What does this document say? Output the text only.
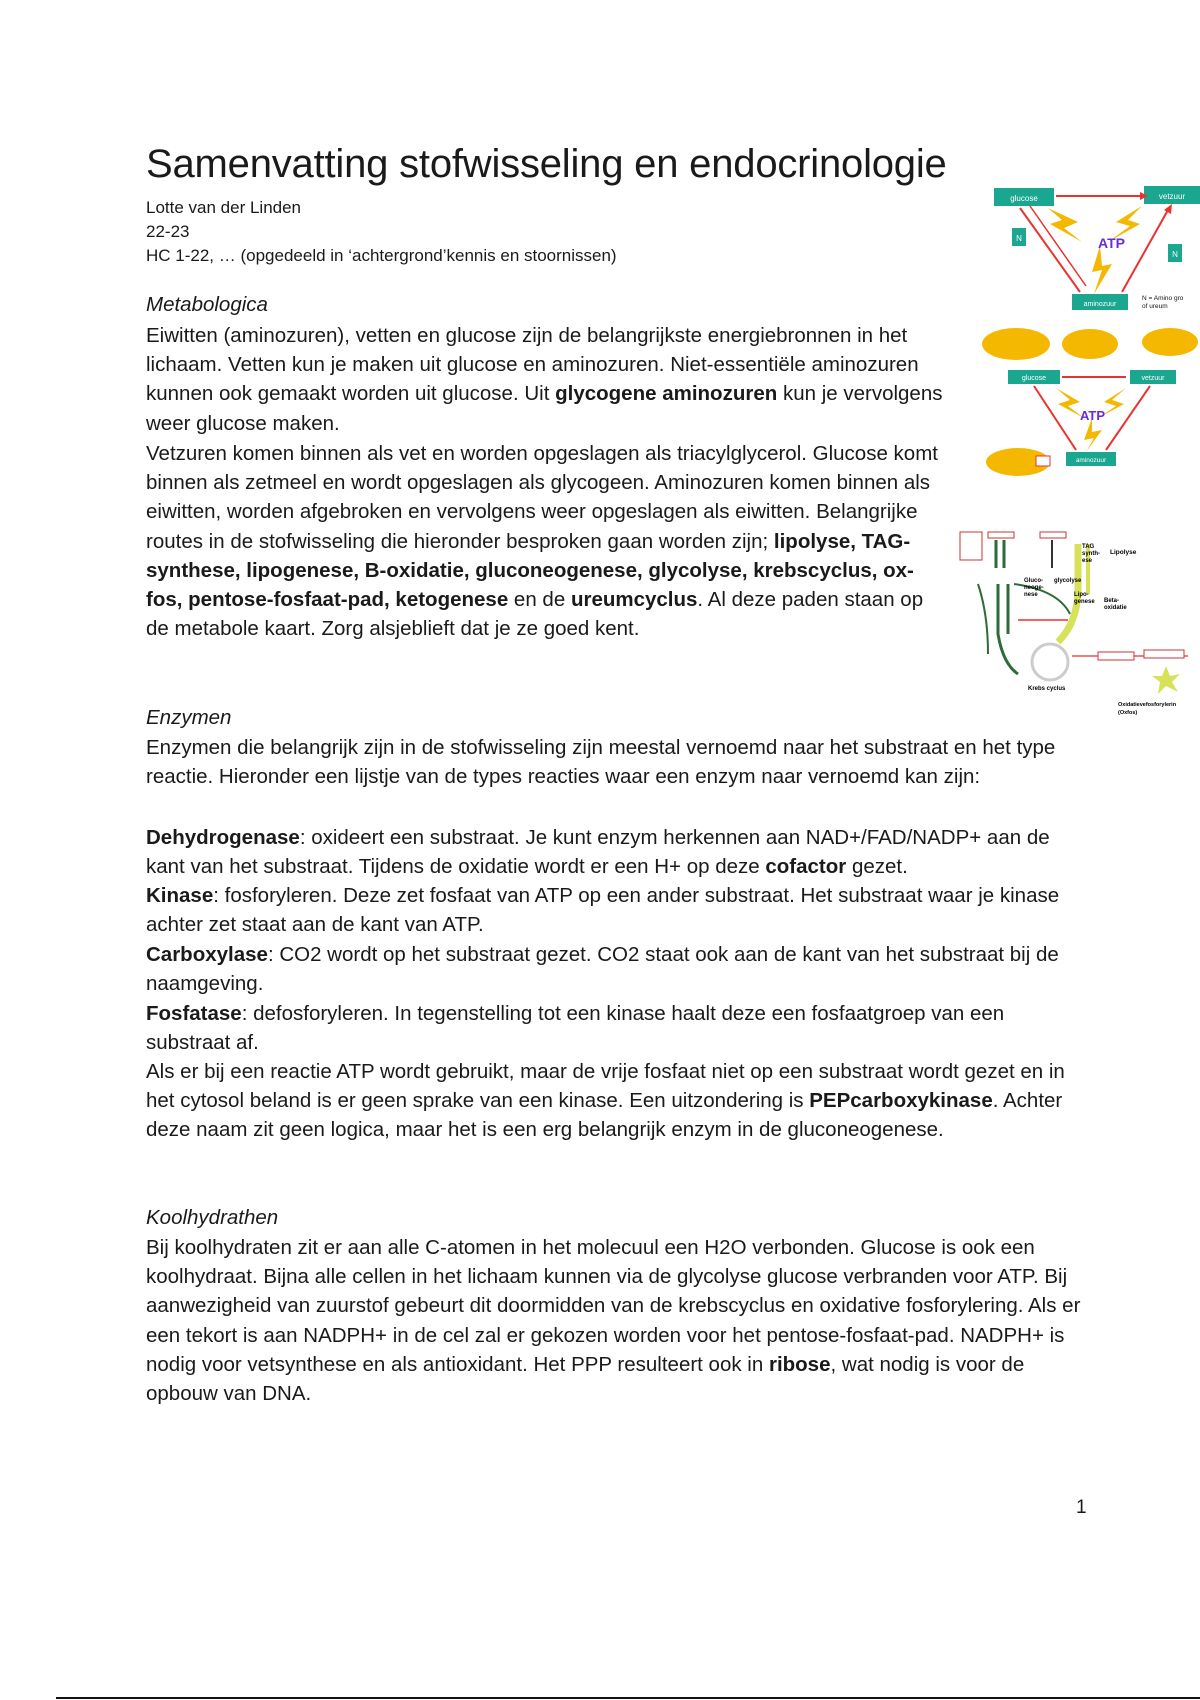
Samenvatting stofwisseling en endocrinologie
Lotte van der Linden
22-23
HC 1-22, … (opgedeeld in ‘achtergrond’kennis en stoornissen)
Metabologica
Eiwitten (aminozuren), vetten en glucose zijn de belangrijkste energiebronnen in het lichaam. Vetten kun je maken uit glucose en aminozuren. Niet-essentiële aminozuren kunnen ook gemaakt worden uit glucose. Uit glycogene aminozuren kun je vervolgens weer glucose maken.
Vetzuren komen binnen als vet en worden opgeslagen als triacylglycerol. Glucose komt binnen als zetmeel en wordt opgeslagen als glycogeen. Aminozuren komen binnen als eiwitten, worden afgebroken en vervolgens weer opgeslagen als eiwitten. Belangrijke routes in de stofwisseling die hieronder besproken gaan worden zijn; lipolyse, TAG-synthese, lipogenese, B-oxidatie, gluconeogenese, glycolyse, krebscyclus, ox-fos, pentose-fosfaat-pad, ketogenese en de ureumcyclus. Al deze paden staan op de metabole kaart. Zorg alsjeblieft dat je ze goed kent.
Enzymen
Enzymen die belangrijk zijn in de stofwisseling zijn meestal vernoemd naar het substraat en het type reactie. Hieronder een lijstje van de types reacties waar een enzym naar vernoemd kan zijn:
Dehydrogenase: oxideert een substraat. Je kunt enzym herkennen aan NAD+/FAD/NADP+ aan de kant van het substraat. Tijdens de oxidatie wordt er een H+ op deze cofactor gezet.
Kinase: fosforyleren. Deze zet fosfaat van ATP op een ander substraat. Het substraat waar je kinase achter zet staat aan de kant van ATP.
Carboxylase: CO2 wordt op het substraat gezet. CO2 staat ook aan de kant van het substraat bij de naamgeving.
Fosfatase: defosforyleren. In tegenstelling tot een kinase haalt deze een fosfaatgroep van een substraat af.
Als er bij een reactie ATP wordt gebruikt, maar de vrije fosfaat niet op een substraat wordt gezet en in het cytosol beland is er geen sprake van een kinase. Een uitzondering is PEPcarboxykinase. Achter deze naam zit geen logica, maar het is een erg belangrijk enzym in de gluconeogenese.
Koolhydrathen
Bij koolhydraten zit er aan alle C-atomen in het molecuul een H2O verbonden. Glucose is ook een koolhydraat. Bijna alle cellen in het lichaam kunnen via de glycolyse glucose verbranden voor ATP. Bij aanwezigheid van zuurstof gebeurt dit doormidden van de krebscyclus en oxidative fosforylering. Als er een tekort is aan NADPH+ in de cel zal er gekozen worden voor het pentose-fosfaat-pad. NADPH+ is nodig voor vetsynthese en als antioxidant. Het PPP resulteert ook in ribose, wat nodig is voor de opbouw van DNA.
1
glucose	vetzuur
aminozuur
N
N
ATP
N = Amino gro
of ureum
glucose	vetzuur
aminozuur
ATP
TAG
synth-
ese
Lipolyse
Gluco-
neoge-
nese
glycolyse
Lipo-
genese Beta-
oxidatie
Krebs cyclus
Oxidatievefosforylerin
(Oxfos)
